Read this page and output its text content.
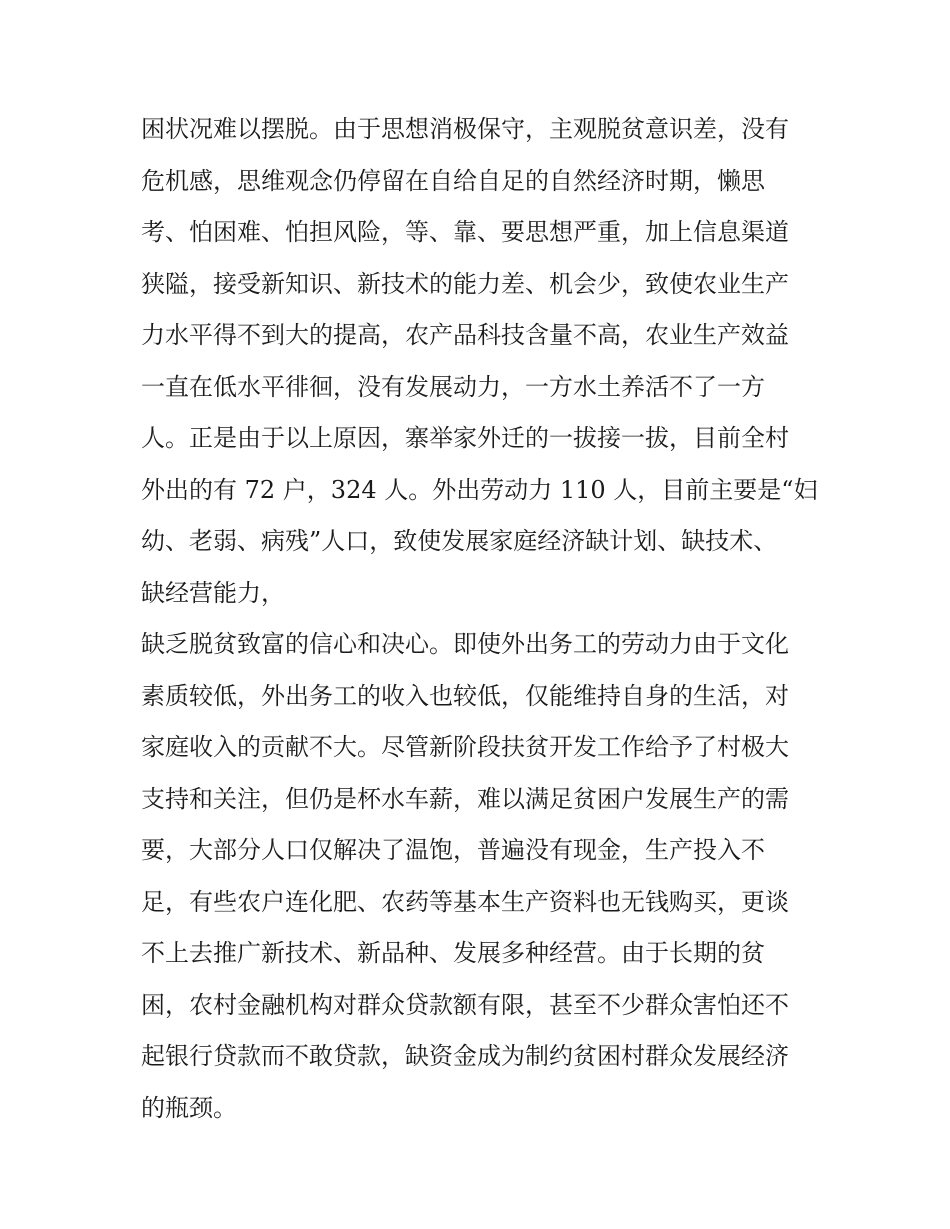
困状况难以摆脱。由于思想消极保守，主观脱贫意识差，没有
危机感，思维观念仍停留在自给自足的自然经济时期，懒思
考、怕困难、怕担风险，等、靠、要思想严重，加上信息渠道
狭隘，接受新知识、新技术的能力差、机会少，致使农业生产
力水平得不到大的提高，农产品科技含量不高，农业生产效益
一直在低水平徘徊，没有发展动力，一方水土养活不了一方
人。正是由于以上原因，寨举家外迁的一拔接一拔，目前全村
外出的有 72 户，324 人。外出劳动力 110 人，目前主要是“妇
幼、老弱、病残”人口，致使发展家庭经济缺计划、缺技术、
缺经营能力，
缺乏脱贫致富的信心和决心。即使外出务工的劳动力由于文化
素质较低，外出务工的收入也较低，仅能维持自身的生活，对
家庭收入的贡献不大。尽管新阶段扶贫开发工作给予了村极大
支持和关注，但仍是杯水车薪，难以满足贫困户发展生产的需
要，大部分人口仅解决了温饱，普遍没有现金，生产投入不
足，有些农户连化肥、农药等基本生产资料也无钱购买，更谈
不上去推广新技术、新品种、发展多种经营。由于长期的贫
困，农村金融机构对群众贷款额有限，甚至不少群众害怕还不
起银行贷款而不敢贷款，缺资金成为制约贫困村群众发展经济
的瓶颈。
